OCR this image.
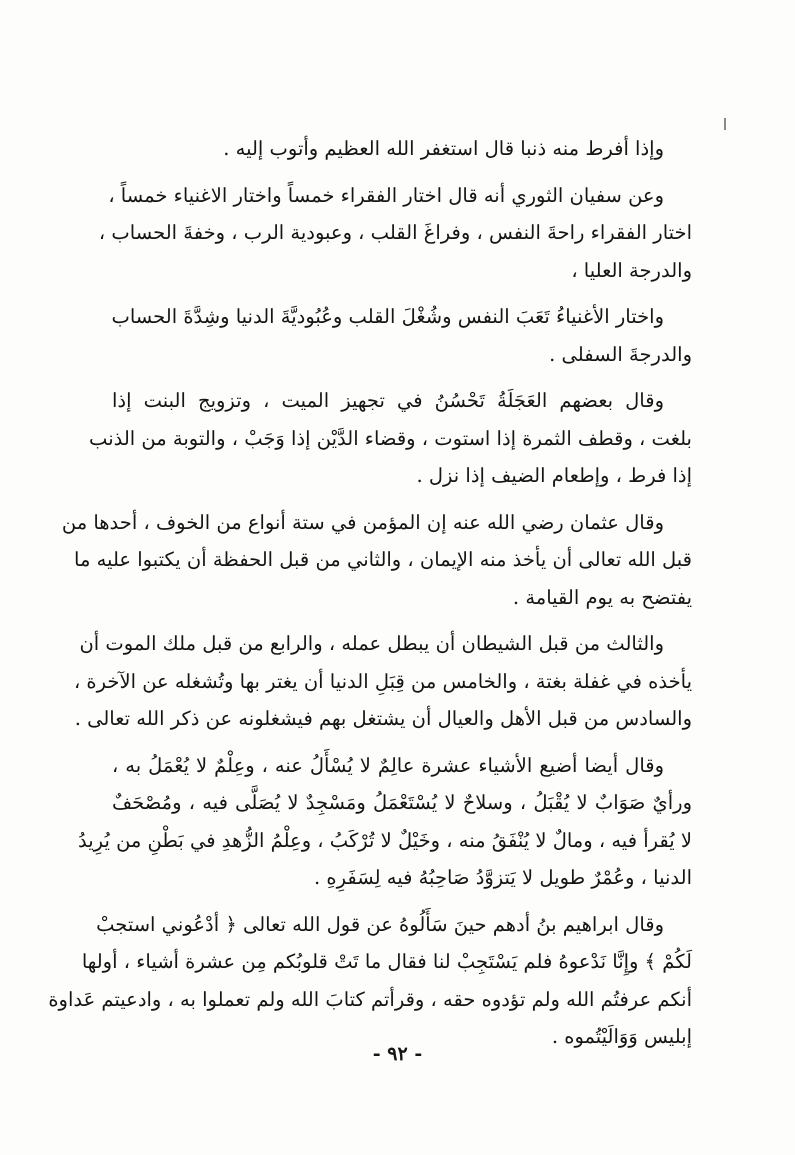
وإذا أفرط منه ذنبا قال استغفر الله العظيم وأتوب إليه .
وعن سفيان الثوري أنه قال اختار الفقراء خمساً واختار الاغنياء خمساً ،
اختار الفقراء راحةَ النفس ، وفراغَ القلب ، وعبودية الرب ، وخفةَ الحساب ،
والدرجة العليا ،
واختار الأغنياءُ تَعَبَ النفس وشُغْلَ القلب وعُبُوديَّةَ الدنيا وشِدَّةَ الحساب
والدرجةَ السفلى .
وقال بعضهم العَجَلَةُ تَحْسُنُ في تجهيز الميت ، وتزويج البنت إذا
بلغت ، وقطف الثمرة إذا استوت ، وقضاء الدَّيْن إذا وَجَبْ ، والتوبة من الذنب
إذا فرط ، وإطعام الضيف إذا نزل .
وقال عثمان رضي الله عنه إن المؤمن في ستة أنواع من الخوف ، أحدها من
قبل الله تعالى أن يأخذ منه الإيمان ، والثاني من قبل الحفظة أن يكتبوا عليه ما
يفتضح به يوم القيامة .
والثالث من قبل الشيطان أن يبطل عمله ، والرابع من قبل ملك الموت أن
يأخذه في غفلة بغتة ، والخامس من قِبَلِ الدنيا أن يغتر بها وتُشغله عن الآخرة ،
والسادس من قبل الأهل والعيال أن يشتغل بهم فيشغلونه عن ذكر الله تعالى .
وقال أيضا أضيع الأشياء عشرة عالِمٌ لا يُسْأَلُ عنه ، وعِلْمٌ لا يُعْمَلُ به ،
ورأيٌ صَوَابٌ لا يُقْبَلُ ، وسلاحٌ لا يُسْتَعْمَلُ ومَسْجِدٌ لا يُصَلَّى فيه ، ومُصْحَفٌ
لا يُقرأ فيه ، ومالٌ لا يُنْفَقُ منه ، وخَيْلٌ لا تُرْكَبُ ، وعِلْمُ الزُّهدِ في بَطْنِ من يُرِيدُ
الدنيا ، وعُمْرٌ طويل لا يَتزوَّدُ صَاحِبُهُ فيه لِسَفَرِهِ .
وقال ابراهيم بنُ أدهم حينَ سَأَلُوهُ عن قول الله تعالى ﴿ أدْعُوني استجبْ
لَكُمْ ﴾ وإِنَّا نَدْعوهُ فلم يَسْتَجِبْ لنا فقال ما تَتْ قلوبُكم مِن عشرة أشياء ، أولها
أنكم عرفتُم الله ولم تؤدوه حقه ، وقرأتم كتابَ الله ولم تعملوا به ، وادعيتم عَداوة
إبليس وَوَالَيْتُموه .
- ٩٢ -
